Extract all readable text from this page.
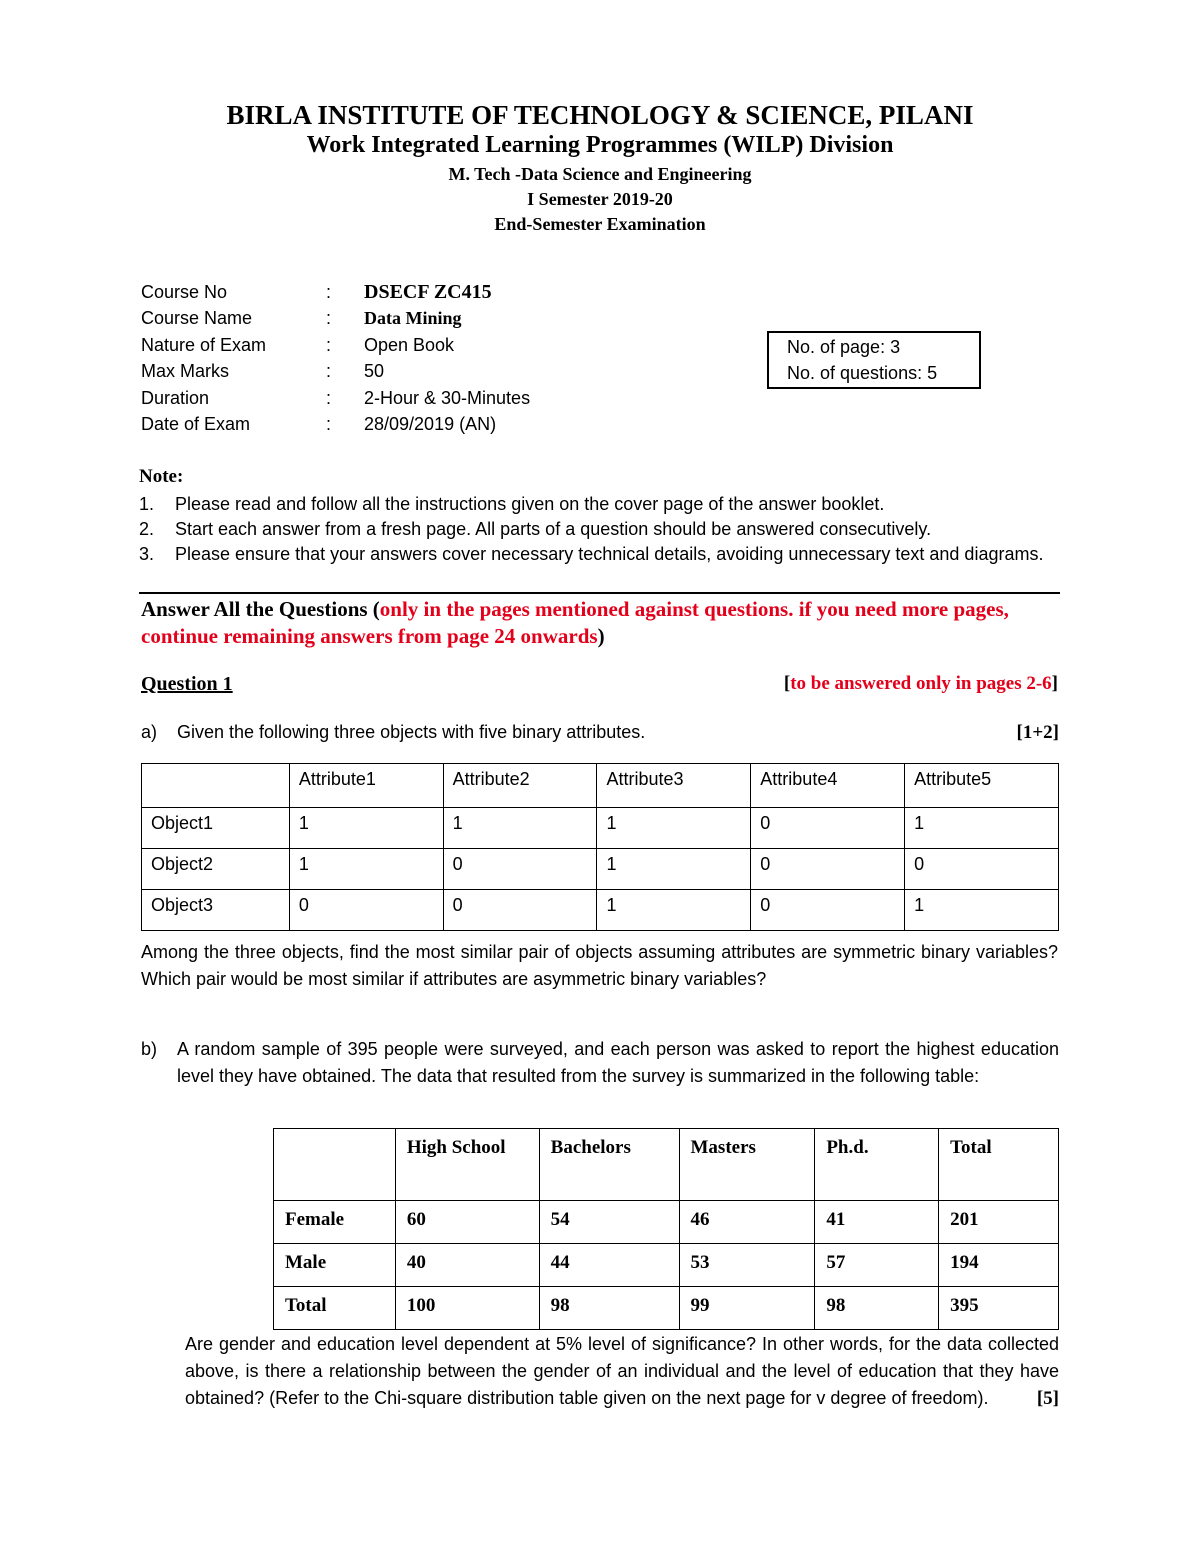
BIRLA INSTITUTE OF TECHNOLOGY & SCIENCE, PILANI
Work Integrated Learning Programmes (WILP) Division
M. Tech -Data Science and Engineering
I Semester 2019-20
End-Semester Examination
Course No	:	DSECF ZC415
Course Name	:	Data Mining
Nature of Exam	:	Open Book
Max Marks	:	50
Duration	:	2-Hour & 30-Minutes
Date of Exam	:	28/09/2019 (AN)
No. of page: 3
No. of questions: 5
Note:
1.	Please read and follow all the instructions given on the cover page of the answer booklet.
2.	Start each answer from a fresh page. All parts of a question should be answered consecutively.
3.	Please ensure that your answers cover necessary technical details, avoiding unnecessary text and diagrams.
Answer All the Questions (only in the pages mentioned against questions. if you need more pages, continue remaining answers from page 24 onwards)
Question 1	[to be answered only in pages 2-6]
a)	Given the following three objects with five binary attributes.	[1+2]
	Attribute1	Attribute2	Attribute3	Attribute4	Attribute5
Object1	1	1	1	0	1
Object2	1	0	1	0	0
Object3	0	0	1	0	1
Among the three objects, find the most similar pair of objects assuming attributes are symmetric binary variables? Which pair would be most similar if attributes are asymmetric binary variables?
b)	A random sample of 395 people were surveyed, and each person was asked to report the highest education level they have obtained. The data that resulted from the survey is summarized in the following table:
	High School	Bachelors	Masters	Ph.d.	Total
Female	60	54	46	41	201
Male	40	44	53	57	194
Total	100	98	99	98	395
Are gender and education level dependent at 5% level of significance? In other words, for the data collected above, is there a relationship between the gender of an individual and the level of education that they have obtained? (Refer to the Chi-square distribution table given on the next page for v degree of freedom).	[5]
